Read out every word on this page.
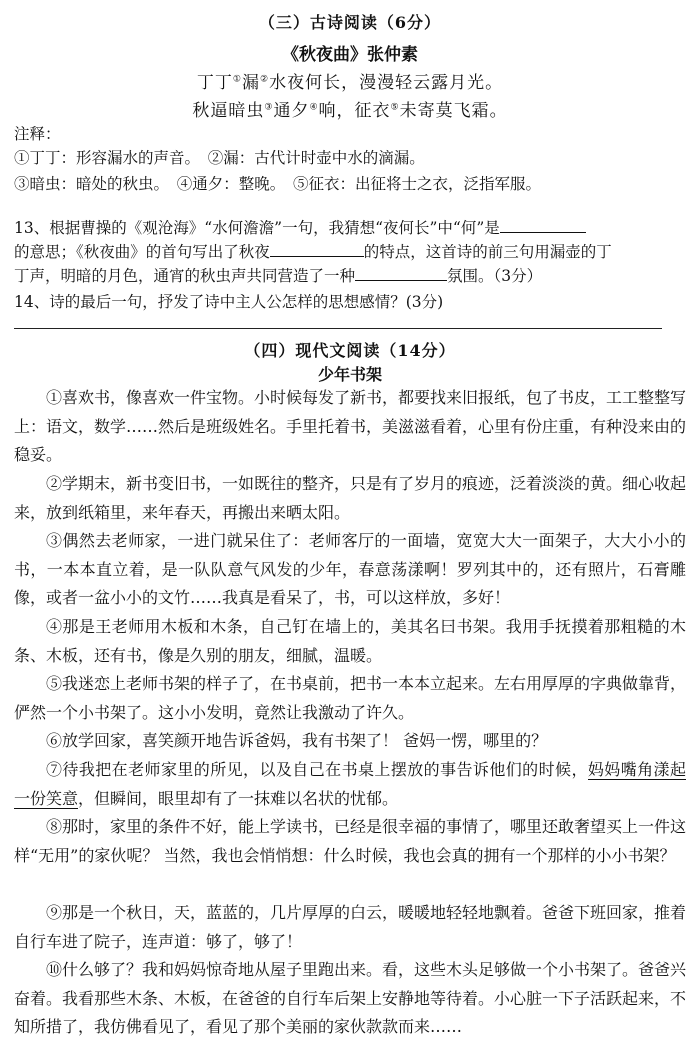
（三）古诗阅读（6分）
《秋夜曲》张仲素
丁丁①漏②水夜何长，漫漫轻云露月光。
秋逼暗虫③通夕④响，征衣⑤未寄莫飞霜。
注释：
①丁丁：形容漏水的声音。　②漏：古代计时壶中水的滴漏。
③暗虫：暗处的秋虫。　④通夕：整晚。　⑤征衣：出征将士之衣，泛指军服。
13、根据曹操的《观沧海》“水何澹澹”一句，我猜想“夜何长”中“何”是
的意思；《秋夜曲》的首句写出了秋夜	的特点，这首诗的前三句用漏壶的丁
丁声，明暗的月色，通宵的秋虫声共同营造了一种	氛围。（3分）
14、诗的最后一句，抒发了诗中主人公怎样的思想感情？(3分)
（四）现代文阅读（14分）
少年书架
①喜欢书，像喜欢一件宝物。小时候每发了新书，都要找来旧报纸，包了书皮，工工整整写上：语文，数学……然后是班级姓名。手里托着书，美滋滋看着，心里有份庄重，有种没来由的稳妥。
②学期末，新书变旧书，一如既往的整齐，只是有了岁月的痕迹，泛着淡淡的黄。细心收起来，放到纸箱里，来年春天，再搬出来晒太阳。
③偶然去老师家，一进门就呆住了：老师客厅的一面墙，宽宽大大一面架子，大大小小的书，一本本直立着，是一队队意气风发的少年，春意荡漾啊！罗列其中的，还有照片，石膏雕像，或者一盆小小的文竹……我真是看呆了，书，可以这样放，多好！
④那是王老师用木板和木条，自己钉在墙上的，美其名曰书架。我用手抚摸着那粗糙的木条、木板，还有书，像是久别的朋友，细腻，温暖。
⑤我迷恋上老师书架的样子了，在书桌前，把书一本本立起来。左右用厚厚的字典做靠背，俨然一个小书架了。这小小发明，竟然让我激动了许久。
⑥放学回家，喜笑颜开地告诉爸妈，我有书架了！ 爸妈一愣，哪里的？
⑦待我把在老师家里的所见，以及自己在书桌上摆放的事告诉他们的时候，妈妈嘴角漾起一份笑意，但瞬间，眼里却有了一抹难以名状的忧郁。
⑧那时，家里的条件不好，能上学读书，已经是很幸福的事情了，哪里还敢奢望买上一件这样“无用”的家伙呢？ 当然，我也会悄悄想：什么时候，我也会真的拥有一个那样的小小书架？
⑨那是一个秋日，天，蓝蓝的，几片厚厚的白云，暖暖地轻轻地飘着。爸爸下班回家，推着自行车进了院子，连声道：够了，够了！
⑩什么够了？我和妈妈惊奇地从屋子里跑出来。看，这些木头足够做一个小书架了。爸爸兴奋着。我看那些木条、木板，在爸爸的自行车后架上安静地等待着。小心脏一下子活跃起来，不知所措了，我仿佛看见了，看见了那个美丽的家伙款款而来……
